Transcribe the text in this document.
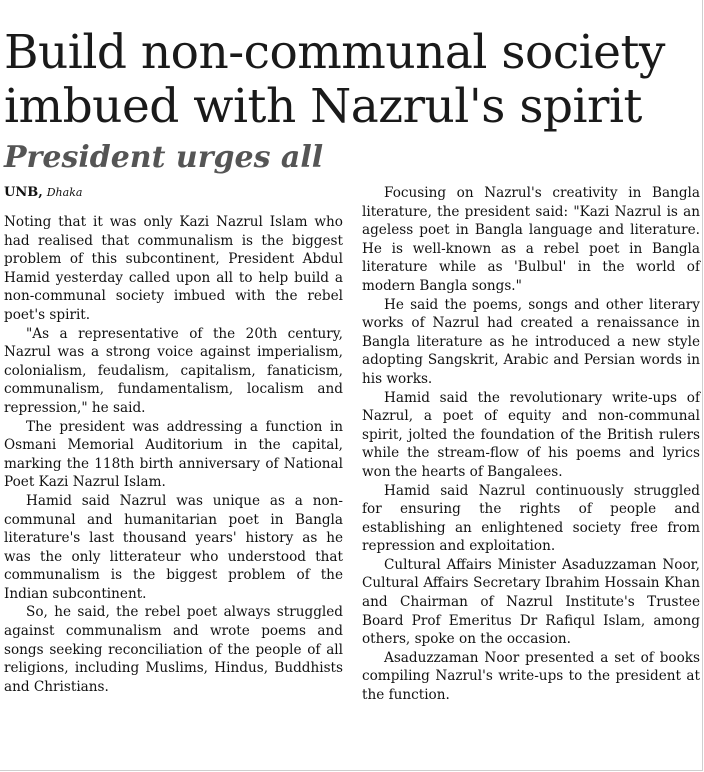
Build non-communal society
imbued with Nazrul's spirit
President urges all
UNB, Dhaka

Noting that it was only Kazi Nazrul Islam who had realised that communalism is the biggest problem of this subcontinent, President Abdul Hamid yesterday called upon all to help build a non-communal society imbued with the rebel poet's spirit.

"As a representative of the 20th century, Nazrul was a strong voice against imperialism, colonialism, feudalism, capitalism, fanaticism, communalism, fundamentalism, localism and repression," he said.

The president was addressing a function in Osmani Memorial Auditorium in the capital, marking the 118th birth anniversary of National Poet Kazi Nazrul Islam.

Hamid said Nazrul was unique as a non-communal and humanitarian poet in Bangla literature's last thousand years' history as he was the only litterateur who understood that communalism is the biggest problem of the Indian subcontinent.

So, he said, the rebel poet always struggled against communalism and wrote poems and songs seeking reconciliation of the people of all religions, including Muslims, Hindus, Buddhists and Christians.

Focusing on Nazrul's creativity in Bangla literature, the president said: "Kazi Nazrul is an ageless poet in Bangla language and literature. He is well-known as a rebel poet in Bangla literature while as 'Bulbul' in the world of modern Bangla songs."

He said the poems, songs and other literary works of Nazrul had created a renaissance in Bangla literature as he introduced a new style adopting Sangskrit, Arabic and Persian words in his works.

Hamid said the revolutionary write-ups of Nazrul, a poet of equity and non-communal spirit, jolted the foundation of the British rulers while the stream-flow of his poems and lyrics won the hearts of Bangalees.

Hamid said Nazrul continuously struggled for ensuring the rights of people and establishing an enlightened society free from repression and exploitation.

Cultural Affairs Minister Asaduzzaman Noor, Cultural Affairs Secretary Ibrahim Hossain Khan and Chairman of Nazrul Institute's Trustee Board Prof Emeritus Dr Rafiqul Islam, among others, spoke on the occasion.

Asaduzzaman Noor presented a set of books compiling Nazrul's write-ups to the president at the function.
